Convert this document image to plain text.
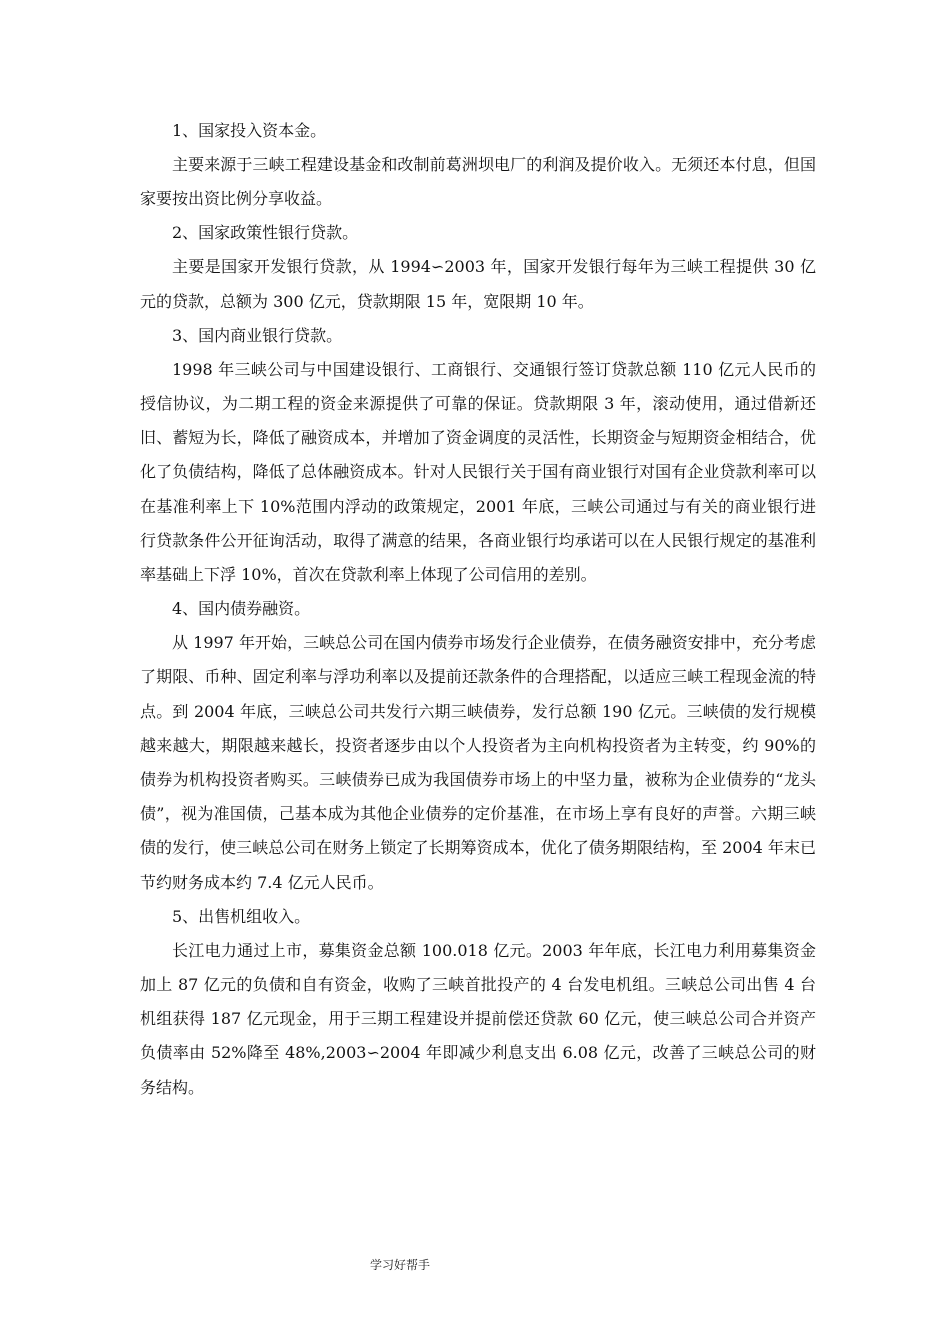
1、国家投入资本金。

主要来源于三峡工程建设基金和改制前葛洲坝电厂的利润及提价收入。无须还本付息，但国家要按出资比例分享收益。

2、国家政策性银行贷款。

主要是国家开发银行贷款，从 1994∽2003 年，国家开发银行每年为三峡工程提供 30 亿元的贷款，总额为 300 亿元，贷款期限 15 年，宽限期 10 年。

3、国内商业银行贷款。

1998 年三峡公司与中国建设银行、工商银行、交通银行签订贷款总额 110 亿元人民币的授信协议，为二期工程的资金来源提供了可靠的保证。贷款期限 3 年，滚动使用，通过借新还旧、蓄短为长，降低了融资成本，并增加了资金调度的灵活性，长期资金与短期资金相结合，优化了负债结构，降低了总体融资成本。针对人民银行关于国有商业银行对国有企业贷款利率可以在基准利率上下 10%范围内浮动的政策规定，2001 年底，三峡公司通过与有关的商业银行进行贷款条件公开征询活动，取得了满意的结果，各商业银行均承诺可以在人民银行规定的基准利率基础上下浮 10%，首次在贷款利率上体现了公司信用的差别。

4、国内债券融资。

从 1997 年开始，三峡总公司在国内债券市场发行企业债券，在债务融资安排中，充分考虑了期限、币种、固定利率与浮功利率以及提前还款条件的合理搭配，以适应三峡工程现金流的特点。到 2004 年底，三峡总公司共发行六期三峡债券，发行总额 190 亿元。三峡债的发行规模越来越大，期限越来越长，投资者逐步由以个人投资者为主向机构投资者为主转变，约 90%的债券为机构投资者购买。三峡债券已成为我国债券市场上的中坚力量，被称为企业债券的“龙头债”，视为准国债，己基本成为其他企业债券的定价基准，在市场上享有良好的声誉。六期三峡债的发行，使三峡总公司在财务上锁定了长期筹资成本，优化了债务期限结构，至 2004 年末已节约财务成本约 7.4 亿元人民币。

5、出售机组收入。

长江电力通过上市，募集资金总额 100.018 亿元。2003 年年底，长江电力利用募集资金加上 87 亿元的负债和自有资金，收购了三峡首批投产的 4 台发电机组。三峡总公司出售 4 台机组获得 187 亿元现金，用于三期工程建设并提前偿还贷款 60 亿元，使三峡总公司合并资产负债率由 52%降至 48%,2003∽2004 年即减少利息支出 6.08 亿元，改善了三峡总公司的财务结构。

学习好帮手
